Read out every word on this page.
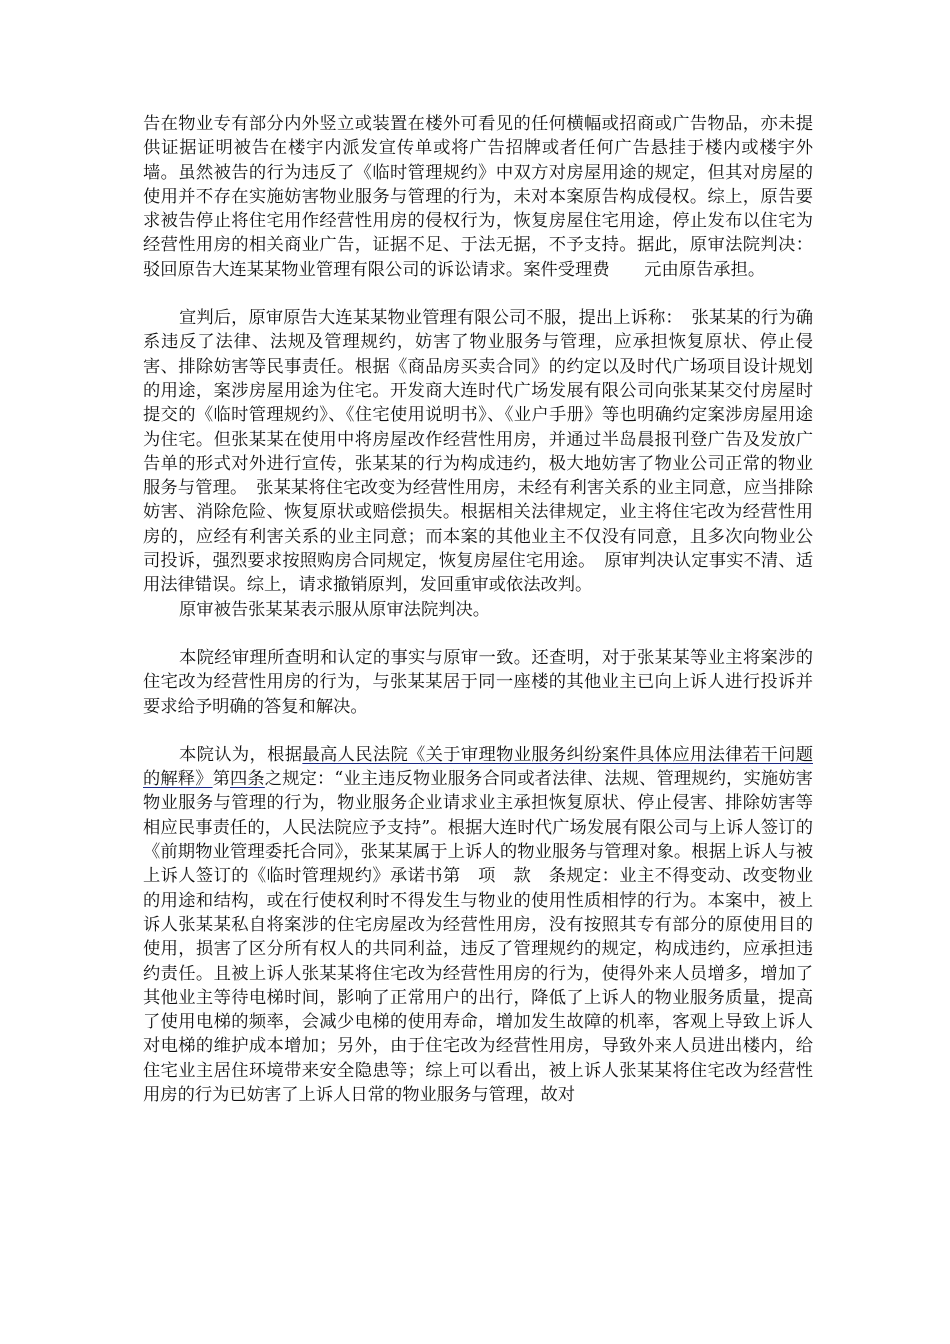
告在物业专有部分内外竖立或装置在楼外可看见的任何横幅或招商或广告物品，亦未提供证据证明被告在楼宇内派发宣传单或将广告招牌或者任何广告悬挂于楼内或楼宇外墙。虽然被告的行为违反了《临时管理规约》中双方对房屋用途的规定，但其对房屋的使用并不存在实施妨害物业服务与管理的行为，未对本案原告构成侵权。综上，原告要求被告停止将住宅用作经营性用房的侵权行为，恢复房屋住宅用途，停止发布以住宅为经营性用房的相关商业广告，证据不足、于法无据，不予支持。据此，原审法院判决：驳回原告大连某某物业管理有限公司的诉讼请求。案件受理费　　元由原告承担。

宣判后，原审原告大连某某物业管理有限公司不服，提出上诉称：　张某某的行为确系违反了法律、法规及管理规约，妨害了物业服务与管理，应承担恢复原状、停止侵害、排除妨害等民事责任。根据《商品房买卖合同》的约定以及时代广场项目设计规划的用途，案涉房屋用途为住宅。开发商大连时代广场发展有限公司向张某某交付房屋时提交的《临时管理规约》、《住宅使用说明书》、《业户手册》等也明确约定案涉房屋用途为住宅。但张某某在使用中将房屋改作经营性用房，并通过半岛晨报刊登广告及发放广告单的形式对外进行宣传，张某某的行为构成违约，极大地妨害了物业公司正常的物业服务与管理。　张某某将住宅改变为经营性用房，未经有利害关系的业主同意，应当排除妨害、消除危险、恢复原状或赔偿损失。根据相关法律规定，业主将住宅改为经营性用房的，应经有利害关系的业主同意；而本案的其他业主不仅没有同意，且多次向物业公司投诉，强烈要求按照购房合同规定，恢复房屋住宅用途。　原审判决认定事实不清、适用法律错误。综上，请求撤销原判，发回重审或依法改判。

原审被告张某某表示服从原审法院判决。

本院经审理所查明和认定的事实与原审一致。还查明，对于张某某等业主将案涉的住宅改为经营性用房的行为，与张某某居于同一座楼的其他业主已向上诉人进行投诉并要求给予明确的答复和解决。

本院认为，根据最高人民法院《关于审理物业服务纠纷案件具体应用法律若干问题的解释》第四条之规定：“业主违反物业服务合同或者法律、法规、管理规约，实施妨害物业服务与管理的行为，物业服务企业请求业主承担恢复原状、停止侵害、排除妨害等相应民事责任的，人民法院应予支持”。根据大连时代广场发展有限公司与上诉人签订的《前期物业管理委托合同》，张某某属于上诉人的物业服务与管理对象。根据上诉人与被上诉人签订的《临时管理规约》承诺书第　项　款　条规定：业主不得变动、改变物业的用途和结构，或在行使权利时不得发生与物业的使用性质相悖的行为。本案中，被上诉人张某某私自将案涉的住宅房屋改为经营性用房，没有按照其专有部分的原使用目的使用，损害了区分所有权人的共同利益，违反了管理规约的规定，构成违约，应承担违约责任。且被上诉人张某某将住宅改为经营性用房的行为，使得外来人员增多，增加了其他业主等待电梯时间，影响了正常用户的出行，降低了上诉人的物业服务质量，提高了使用电梯的频率，会减少电梯的使用寿命，增加发生故障的机率，客观上导致上诉人对电梯的维护成本增加；另外，由于住宅改为经营性用房，导致外来人员进出楼内，给住宅业主居住环境带来安全隐患等；综上可以看出，被上诉人张某某将住宅改为经营性用房的行为已妨害了上诉人日常的物业服务与管理，故对
